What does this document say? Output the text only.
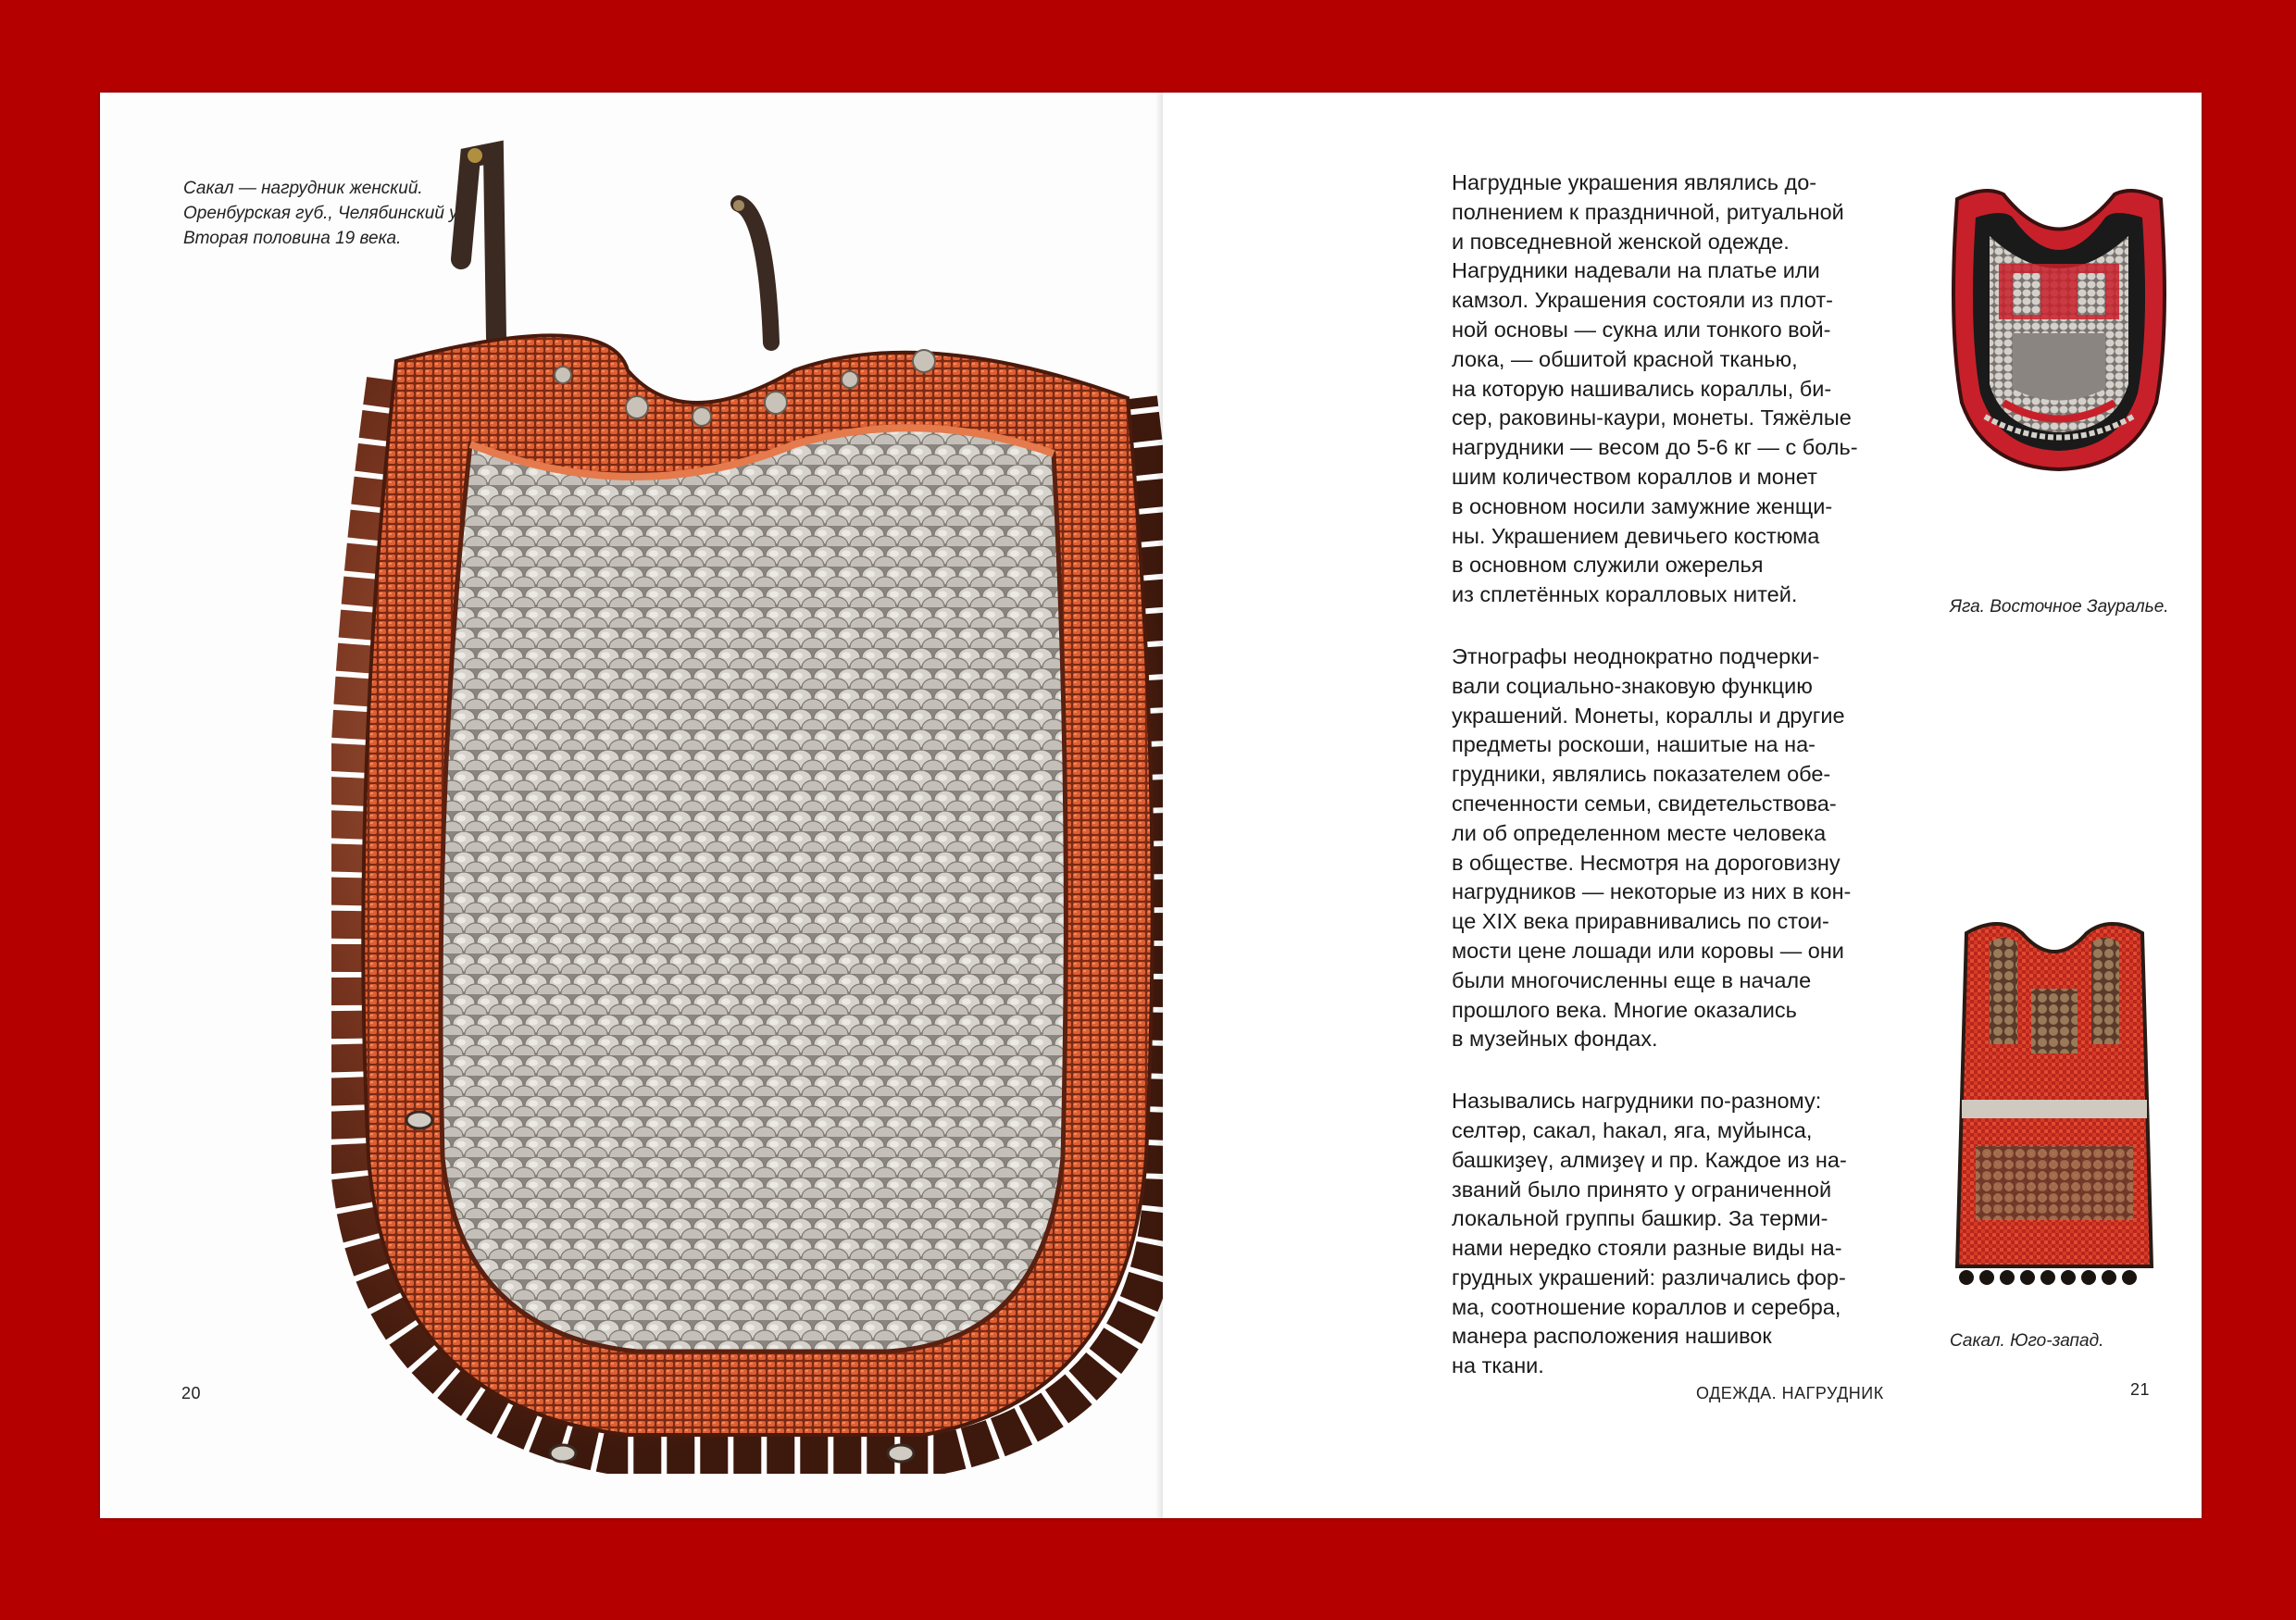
Сакал — нагрудник женский.
Оренбурская губ., Челябинский у.
Вторая половина 19 века.
20
Нагрудные украшения являлись до-
полнением к праздничной, ритуальной
и повседневной женской одежде.
Нагрудники надевали на платье или
камзол. Украшения состояли из плот-
ной основы — сукна или тонкого вой-
лока, — обшитой красной тканью,
на которую нашивались кораллы, би-
сер, раковины-каури, монеты. Тяжёлые
нагрудники — весом до 5-6 кг — с боль-
шим количеством кораллов и монет
в основном носили замужние женщи-
ны. Украшением девичьего костюма
в основном служили ожерелья
из сплетённых коралловых нитей.
Этнографы неоднократно подчерки-
вали социально-знаковую функцию
украшений. Монеты, кораллы и другие
предметы роскоши, нашитые на на-
грудники, являлись показателем обе-
спеченности семьи, свидетельствова-
ли об определенном месте человека
в обществе. Несмотря на дороговизну
нагрудников — некоторые из них в кон-
це XIX века приравнивались по стои-
мости цене лошади или коровы — они
были многочисленны еще в начале
прошлого века. Многие оказались
в музейных фондах.
Назывались нагрудники по-разному:
селтәр, сакал, һакал, яга, муйынса,
башкиҙеү, алмиҙеү и пр. Каждое из на-
званий было принято у ограниченной
локальной группы башкир. За терми-
нами нередко стояли разные виды на-
грудных украшений: различались фор-
ма, соотношение кораллов и серебра,
манера расположения нашивок
на ткани.
Яга. Восточное Зауралье.
Сакал. Юго-запад.
ОДЕЖДА. НАГРУДНИК	21
